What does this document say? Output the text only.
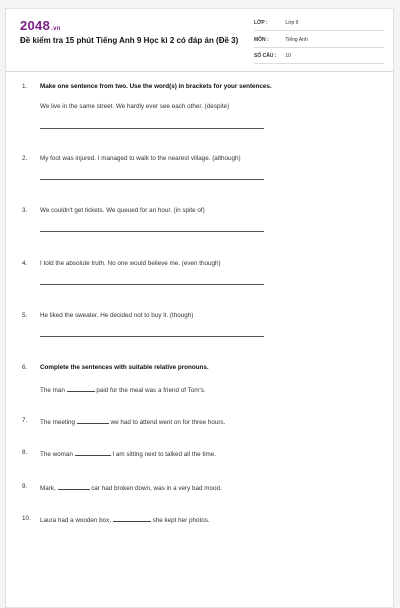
2048.vn
Đề kiểm tra 15 phút Tiếng Anh 9 Học kì 2 có đáp án (Đề 3)
LỚP :	Lớp 9
MÔN :	Tiếng Anh
SỐ CÂU : 10
1. Make one sentence from two. Use the word(s) in brackets for your sentences.
We live in the same street. We hardly ever see each other. (despite)
2. My foot was injured. I managed to walk to the nearest village. (although)
3. We couldn't get tickets. We queued for an hour. (in spite of)
4. I told the absolute truth. No one would believe me. (even though)
5. He liked the sweater. He decided not to buy it. (though)
6. Complete the sentences with suitable relative pronouns.
The man	paid for the meal was a friend of Tom's.
7. The meeting	we had to attend went on for three hours.
8. The woman	I am sitting next to talked all the time.
9. Mark,	car had broken down, was in a very bad mood.
10. Laura had a wooden box,	she kept her photos.
